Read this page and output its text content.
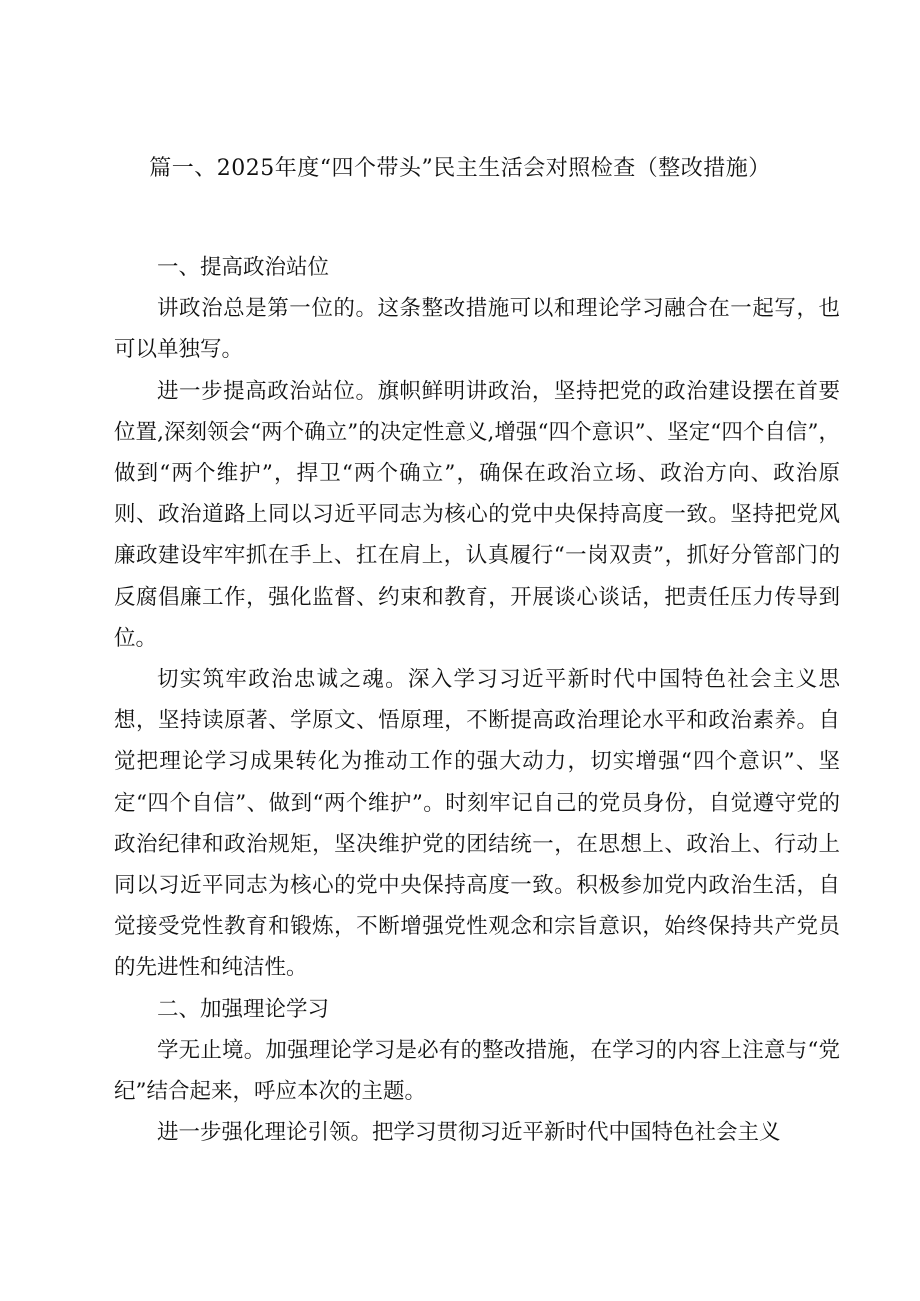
篇一、2025年度“四个带头”民主生活会对照检查（整改措施）

一、提高政治站位

讲政治总是第一位的。这条整改措施可以和理论学习融合在一起写，也可以单独写。

进一步提高政治站位。旗帜鲜明讲政治，坚持把党的政治建设摆在首要位置,深刻领会“两个确立”的决定性意义,增强“四个意识”、坚定“四个自信”，做到“两个维护”，捍卫“两个确立”，确保在政治立场、政治方向、政治原则、政治道路上同以习近平同志为核心的党中央保持高度一致。坚持把党风廉政建设牢牢抓在手上、扛在肩上，认真履行“一岗双责”，抓好分管部门的反腐倡廉工作，强化监督、约束和教育，开展谈心谈话，把责任压力传导到位。

切实筑牢政治忠诚之魂。深入学习习近平新时代中国特色社会主义思想，坚持读原著、学原文、悟原理，不断提高政治理论水平和政治素养。自觉把理论学习成果转化为推动工作的强大动力，切实增强“四个意识”、坚定“四个自信”、做到“两个维护”。时刻牢记自己的党员身份，自觉遵守党的政治纪律和政治规矩，坚决维护党的团结统一，在思想上、政治上、行动上同以习近平同志为核心的党中央保持高度一致。积极参加党内政治生活，自觉接受党性教育和锻炼，不断增强党性观念和宗旨意识，始终保持共产党员的先进性和纯洁性。

二、加强理论学习

学无止境。加强理论学习是必有的整改措施，在学习的内容上注意与“党纪”结合起来，呼应本次的主题。

进一步强化理论引领。把学习贯彻习近平新时代中国特色社会主义
